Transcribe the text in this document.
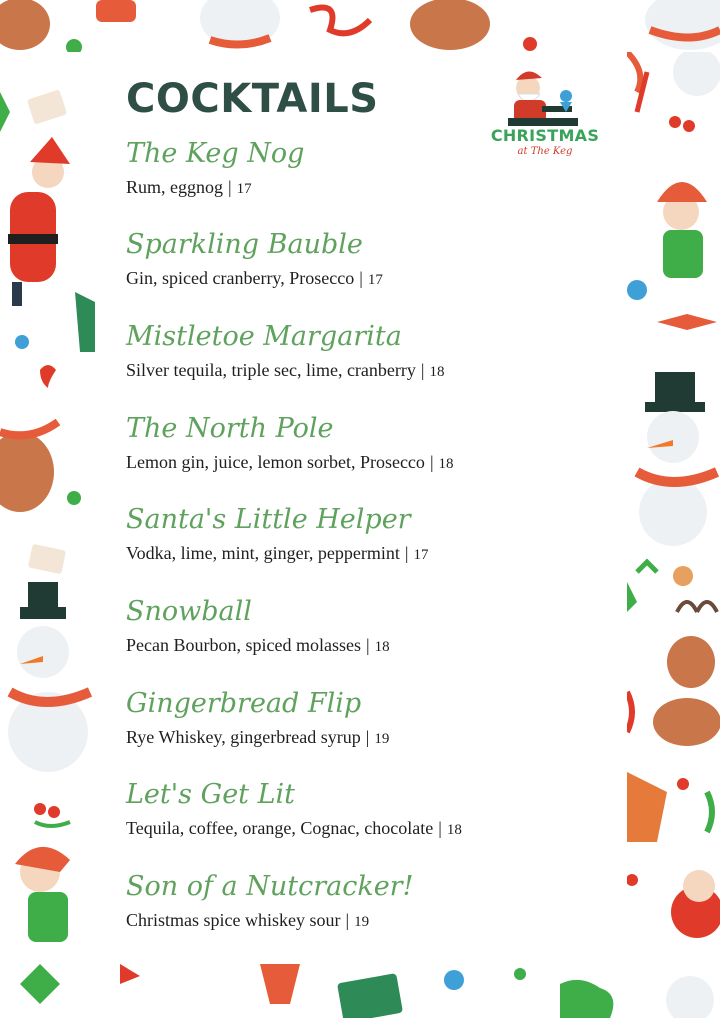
COCKTAILS
CHRISTMAS
at The Keg
The Keg Nog
Rum, eggnog | 17
Sparkling Bauble
Gin, spiced cranberry, Prosecco | 17
Mistletoe Margarita
Silver tequila, triple sec, lime, cranberry | 18
The North Pole
Lemon gin, juice, lemon sorbet, Prosecco | 18
Santa's Little Helper
Vodka, lime, mint, ginger, peppermint | 17
Snowball
Pecan Bourbon, spiced molasses | 18
Gingerbread Flip
Rye Whiskey, gingerbread syrup | 19
Let's Get Lit
Tequila, coffee, orange, Cognac, chocolate | 18
Son of a Nutcracker!
Christmas spice whiskey sour | 19
